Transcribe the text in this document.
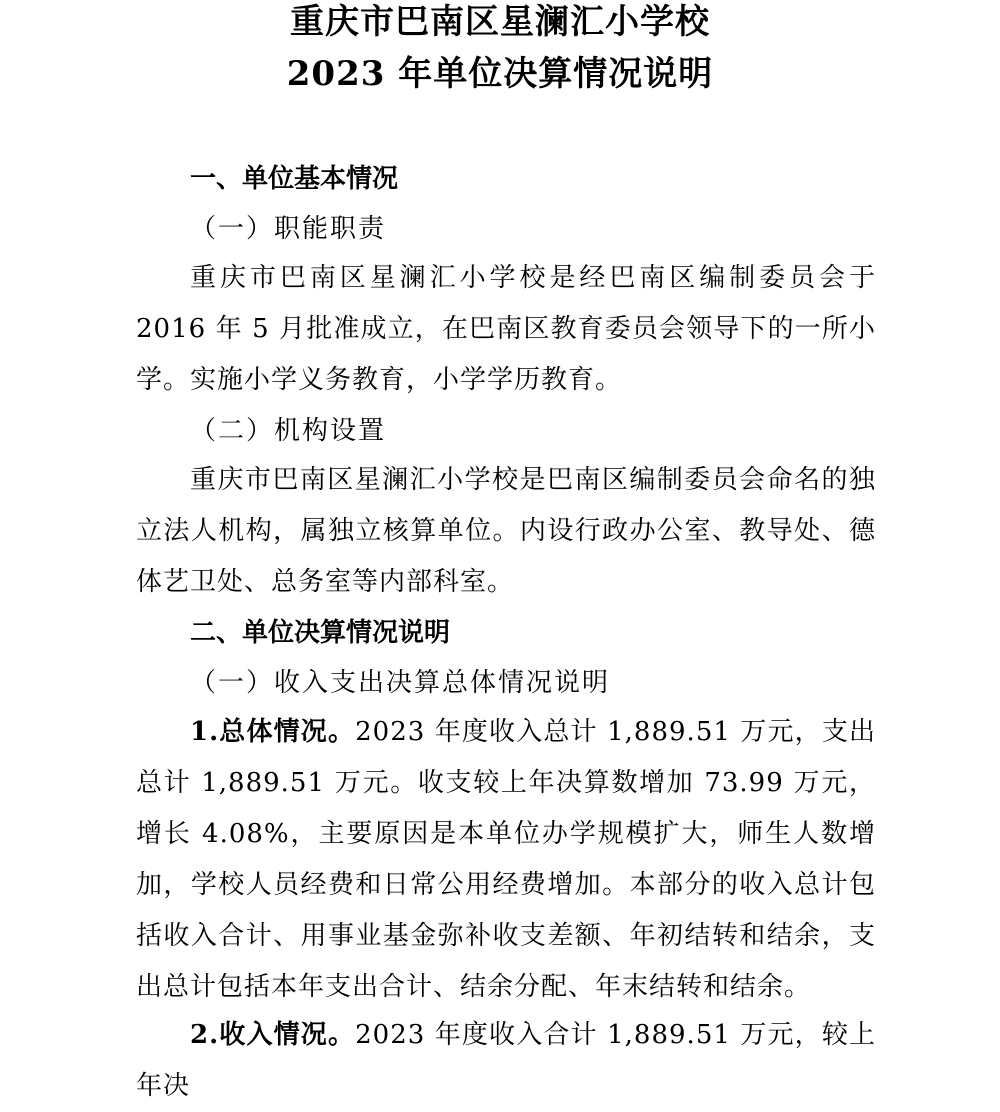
重庆市巴南区星澜汇小学校
2023 年单位决算情况说明
一、单位基本情况
（一）职能职责

重庆市巴南区星澜汇小学校是经巴南区编制委员会于 2016 年 5 月批准成立，在巴南区教育委员会领导下的一所小学。实施小学义务教育，小学学历教育。

（二）机构设置

重庆市巴南区星澜汇小学校是巴南区编制委员会命名的独立法人机构，属独立核算单位。内设行政办公室、教导处、德体艺卫处、总务室等内部科室。

二、单位决算情况说明
（一）收入支出决算总体情况说明

1.总体情况。2023 年度收入总计 1,889.51 万元，支出总计 1,889.51 万元。收支较上年决算数增加 73.99 万元，增长 4.08%，主要原因是本单位办学规模扩大，师生人数增加，学校人员经费和日常公用经费增加。本部分的收入总计包括收入合计、用事业基金弥补收支差额、年初结转和结余，支出总计包括本年支出合计、结余分配、年末结转和结余。

2.收入情况。2023 年度收入合计 1,889.51 万元，较上年决
